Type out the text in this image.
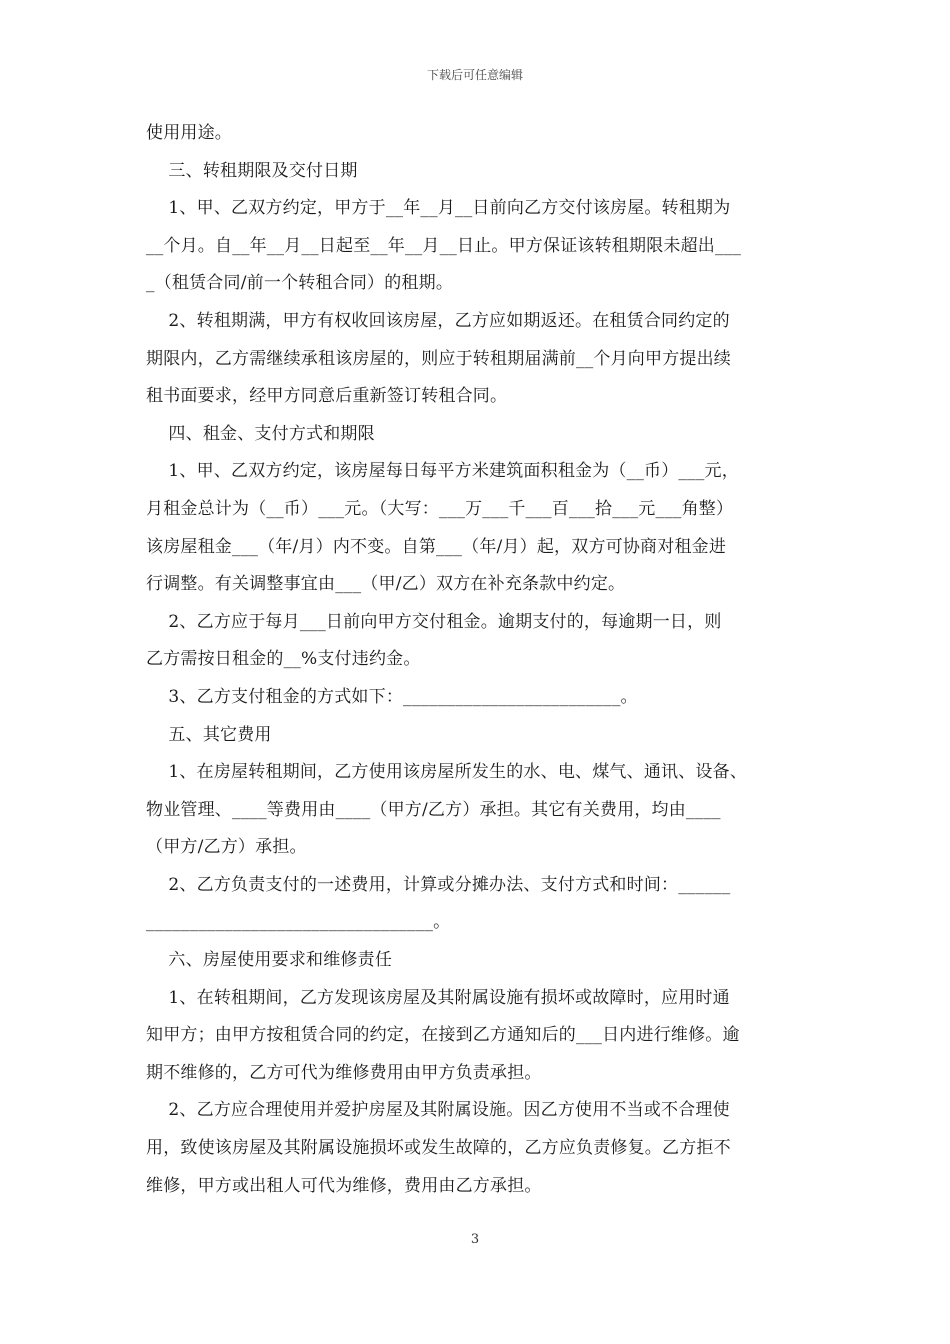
下载后可任意编辑
使用用途。
三、转租期限及交付日期
1、甲、乙双方约定，甲方于__年__月__日前向乙方交付该房屋。转租期为
__个月。自__年__月__日起至__年__月__日止。甲方保证该转租期限未超出___
_（租赁合同/前一个转租合同）的租期。
2、转租期满，甲方有权收回该房屋，乙方应如期返还。在租赁合同约定的
期限内，乙方需继续承租该房屋的，则应于转租期届满前__个月向甲方提出续
租书面要求，经甲方同意后重新签订转租合同。
四、租金、支付方式和期限
1、甲、乙双方约定，该房屋每日每平方米建筑面积租金为（__币）___元，
月租金总计为（__币）___元。（大写：___万___千___百___拾___元___角整）
该房屋租金___（年/月）内不变。自第___（年/月）起，双方可协商对租金进
行调整。有关调整事宜由___（甲/乙）双方在补充条款中约定。
2、乙方应于每月___日前向甲方交付租金。逾期支付的，每逾期一日，则
乙方需按日租金的__%支付违约金。
3、乙方支付租金的方式如下：_________________________。
五、其它费用
1、在房屋转租期间，乙方使用该房屋所发生的水、电、煤气、通讯、设备、
物业管理、____等费用由____（甲方/乙方）承担。其它有关费用，均由____
（甲方/乙方）承担。
2、乙方负责支付的一述费用，计算或分摊办法、支付方式和时间：______
_________________________________。
六、房屋使用要求和维修责任
1、在转租期间，乙方发现该房屋及其附属设施有损坏或故障时，应用时通
知甲方；由甲方按租赁合同的约定，在接到乙方通知后的___日内进行维修。逾
期不维修的，乙方可代为维修费用由甲方负责承担。
2、乙方应合理使用并爱护房屋及其附属设施。因乙方使用不当或不合理使
用，致使该房屋及其附属设施损坏或发生故障的，乙方应负责修复。乙方拒不
维修，甲方或出租人可代为维修，费用由乙方承担。
3
